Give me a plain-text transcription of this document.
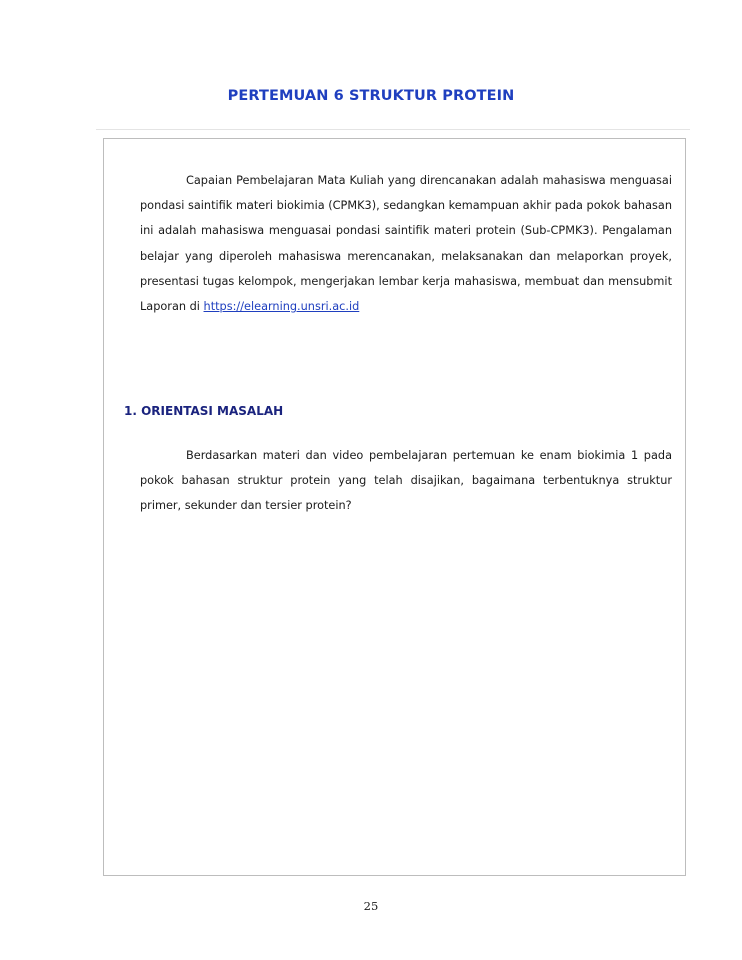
PERTEMUAN 6 STRUKTUR PROTEIN

Capaian Pembelajaran Mata Kuliah yang direncanakan adalah mahasiswa menguasai pondasi saintifik materi biokimia (CPMK3), sedangkan kemampuan akhir pada pokok bahasan ini adalah mahasiswa menguasai pondasi saintifik materi protein (Sub-CPMK3). Pengalaman belajar yang diperoleh mahasiswa merencanakan, melaksanakan dan melaporkan proyek, presentasi tugas kelompok, mengerjakan lembar kerja mahasiswa, membuat dan mensubmit Laporan di https://elearning.unsri.ac.id

1. ORIENTASI MASALAH

Berdasarkan materi dan video pembelajaran pertemuan ke enam biokimia 1 pada pokok bahasan struktur protein yang telah disajikan, bagaimana terbentuknya struktur primer, sekunder dan tersier protein?

25
